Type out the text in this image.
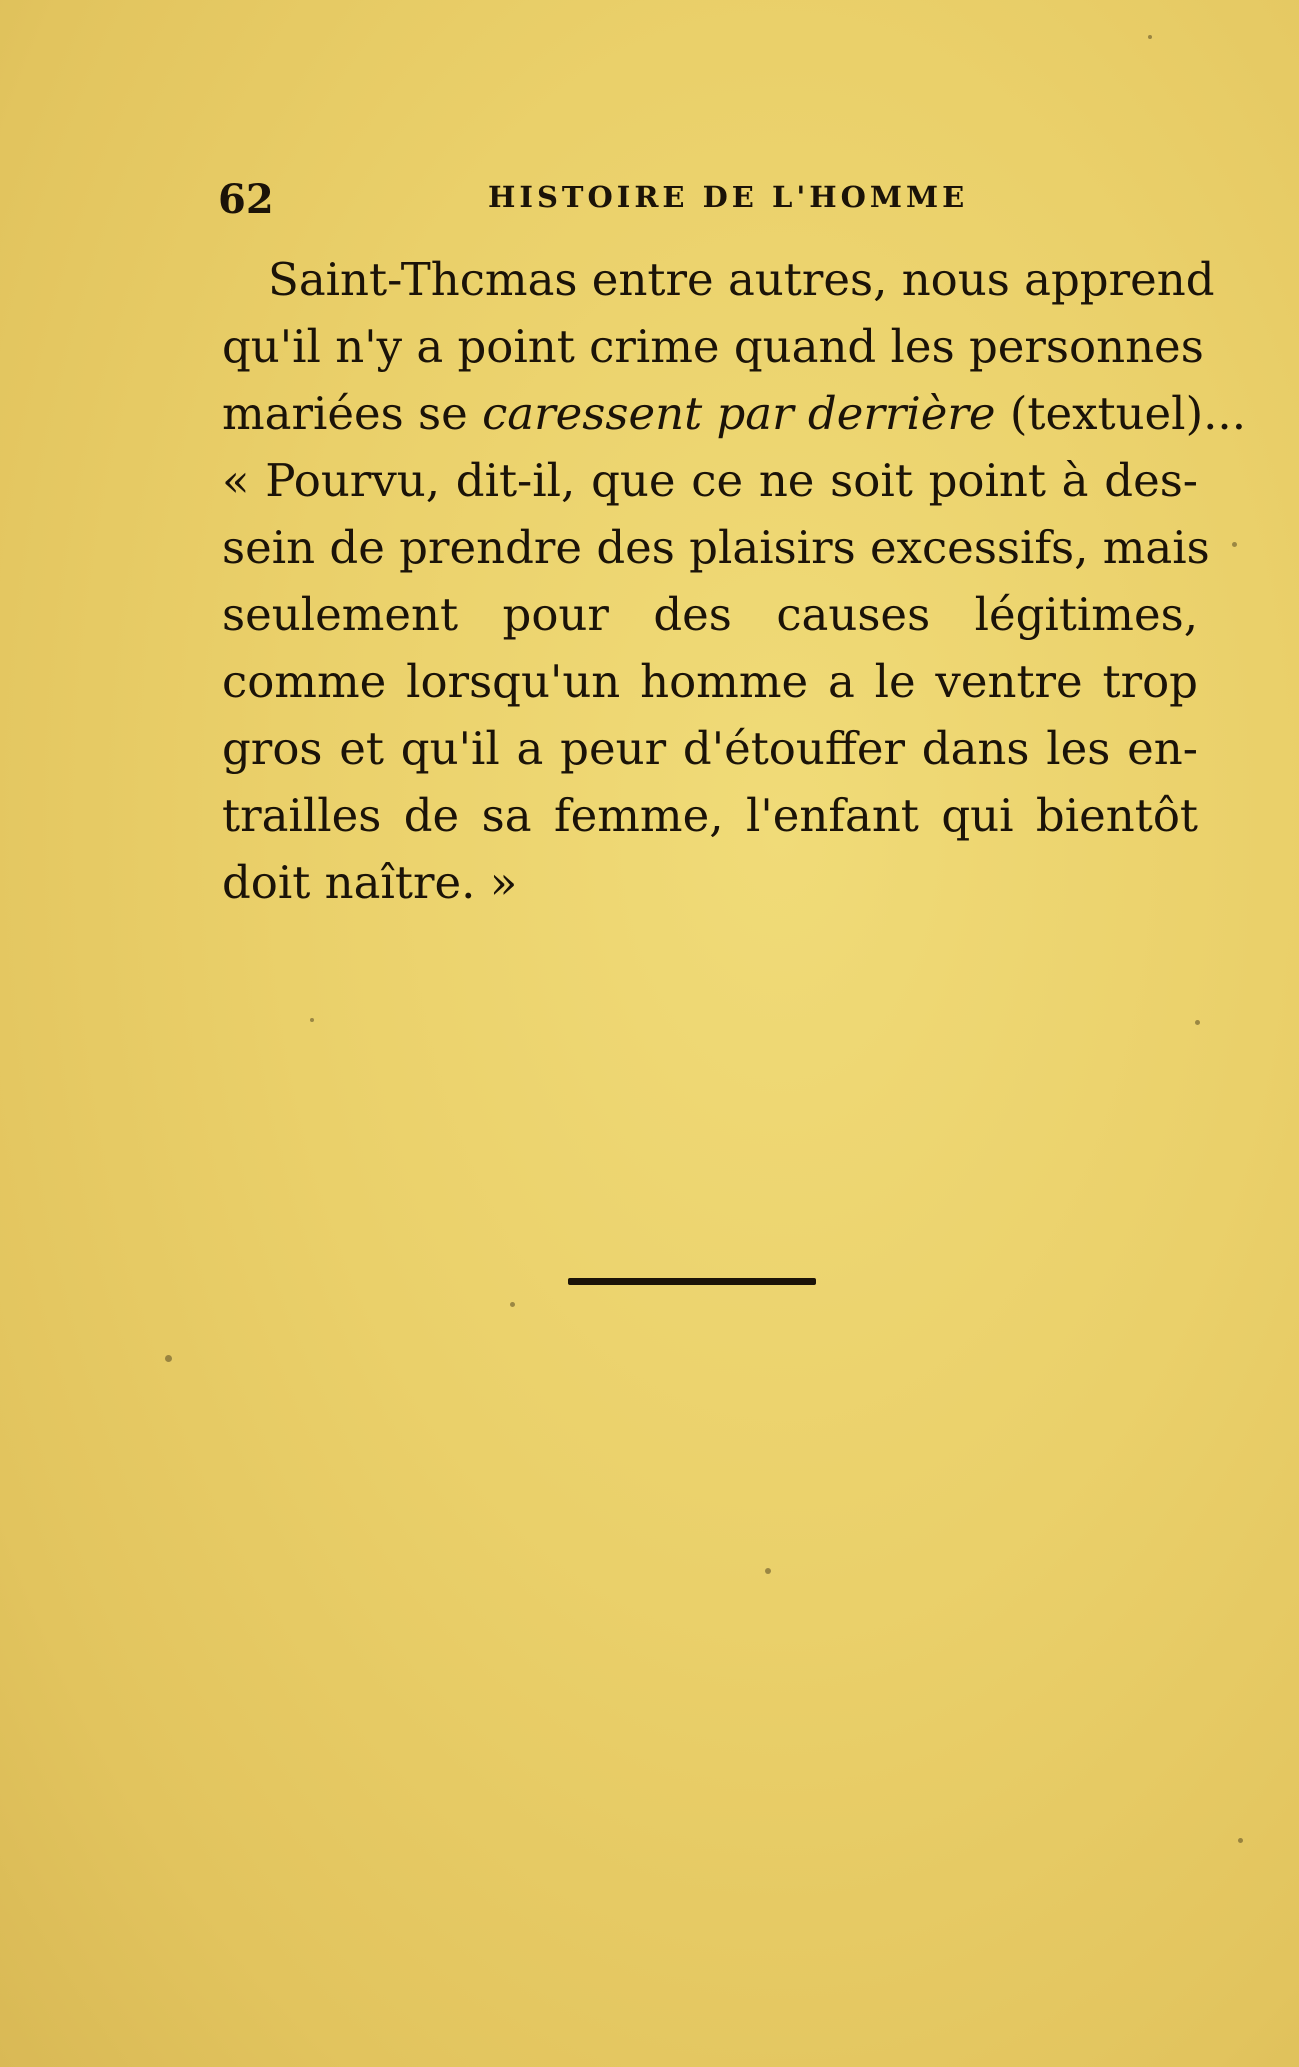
62	HISTOIRE DE L'HOMME
Saint-Thcmas entre autres, nous apprend
qu'il n'y a point crime quand les personnes
mariées se caressent par derrière (textuel)...
« Pourvu, dit-il, que ce ne soit point à des-
sein de prendre des plaisirs excessifs, mais
seulement pour des causes légitimes,
comme lorsqu'un homme a le ventre trop
gros et qu'il a peur d'étouffer dans les en-
trailles de sa femme, l'enfant qui bientôt
doit naître. »
